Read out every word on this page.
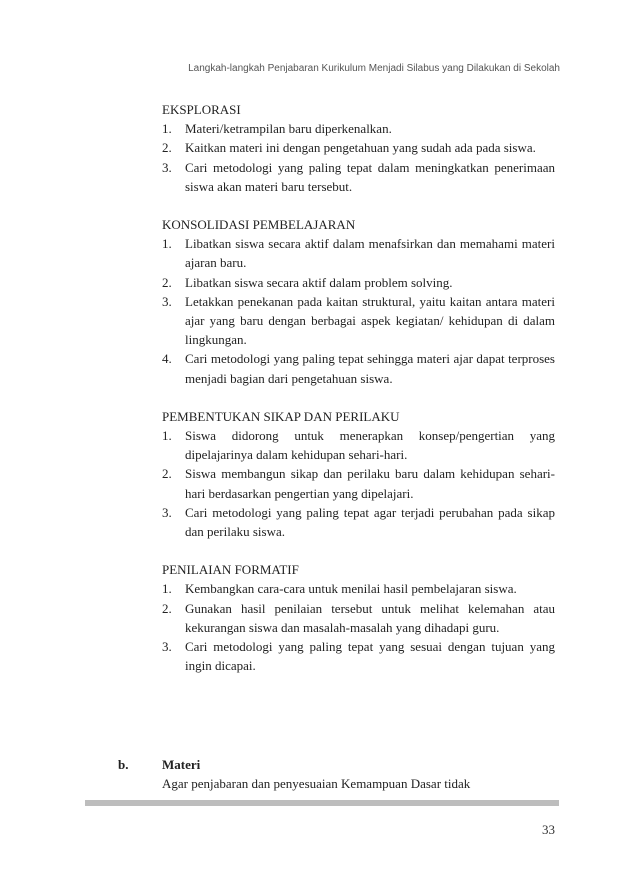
Langkah-langkah Penjabaran Kurikulum Menjadi Silabus yang Dilakukan di Sekolah
EKSPLORASI
1. Materi/ketrampilan baru diperkenalkan.
2. Kaitkan materi ini dengan pengetahuan yang sudah ada pada siswa.
3. Cari metodologi yang paling tepat dalam meningkatkan penerimaan siswa akan materi baru tersebut.
KONSOLIDASI PEMBELAJARAN
1. Libatkan siswa secara aktif dalam menafsirkan dan memahami materi ajaran baru.
2. Libatkan siswa secara aktif dalam problem solving.
3. Letakkan penekanan pada kaitan struktural, yaitu kaitan antara materi ajar yang baru dengan berbagai aspek kegiatan/ kehidupan di dalam lingkungan.
4. Cari metodologi yang paling tepat sehingga materi ajar dapat terproses menjadi bagian dari pengetahuan siswa.
PEMBENTUKAN SIKAP DAN PERILAKU
1. Siswa didorong untuk menerapkan konsep/pengertian yang dipelajarinya dalam kehidupan sehari-hari.
2. Siswa membangun sikap dan perilaku baru dalam kehidupan sehari-hari berdasarkan pengertian yang dipelajari.
3. Cari metodologi yang paling tepat agar terjadi perubahan pada sikap dan perilaku siswa.
PENILAIAN FORMATIF
1. Kembangkan cara-cara untuk menilai hasil pembelajaran siswa.
2. Gunakan hasil penilaian tersebut untuk melihat kelemahan atau kekurangan siswa dan masalah-masalah yang dihadapi guru.
3. Cari metodologi yang paling tepat yang sesuai dengan tujuan yang ingin dicapai.
b.	Materi
Agar penjabaran dan penyesuaian Kemampuan Dasar tidak
33
